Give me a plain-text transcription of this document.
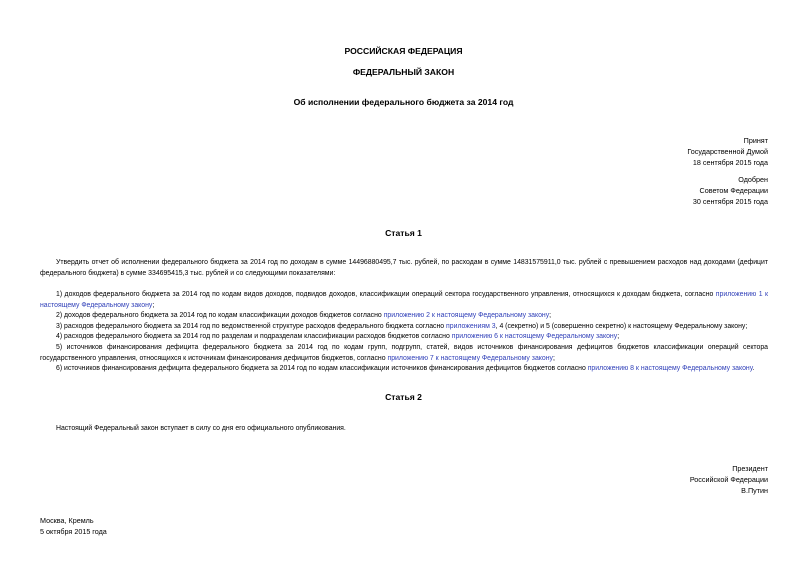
РОССИЙСКАЯ ФЕДЕРАЦИЯ
ФЕДЕРАЛЬНЫЙ ЗАКОН
Об исполнении федерального бюджета за 2014 год
Принят
Государственной Думой
18 сентября 2015 года
Одобрен
Советом Федерации
30 сентября 2015 года
Статья 1
Утвердить отчет об исполнении федерального бюджета за 2014 год по доходам в сумме 14496880495,7 тыс. рублей, по расходам в сумме 14831575911,0 тыс. рублей с превышением расходов над доходами (дефицит федерального бюджета) в сумме 334695415,3 тыс. рублей и со следующими показателями:

1) доходов федерального бюджета за 2014 год по кодам видов доходов, подвидов доходов, классификации операций сектора государственного управления, относящихся к доходам бюджета, согласно приложению 1 к настоящему Федеральному закону;

2) доходов федерального бюджета за 2014 год по кодам классификации доходов бюджетов согласно приложению 2 к настоящему Федеральному закону;

3) расходов федерального бюджета за 2014 год по ведомственной структуре расходов федерального бюджета согласно приложениям 3, 4 (секретно) и 5 (совершенно секретно) к настоящему Федеральному закону;

4) расходов федерального бюджета за 2014 год по разделам и подразделам классификации расходов бюджетов согласно приложению 6 к настоящему Федеральному закону;

5) источников финансирования дефицита федерального бюджета за 2014 год по кодам групп, подгрупп, статей, видов источников финансирования дефицитов бюджетов классификации операций сектора государственного управления, относящихся к источникам финансирования дефицитов бюджетов, согласно приложению 7 к настоящему Федеральному закону;

6) источников финансирования дефицита федерального бюджета за 2014 год по кодам классификации источников финансирования дефицитов бюджетов согласно приложению 8 к настоящему Федеральному закону.

Статья 2
Настоящий Федеральный закон вступает в силу со дня его официального опубликования.
Президент
Российской Федерации
В.Путин
Москва, Кремль
5 октября 2015 года
